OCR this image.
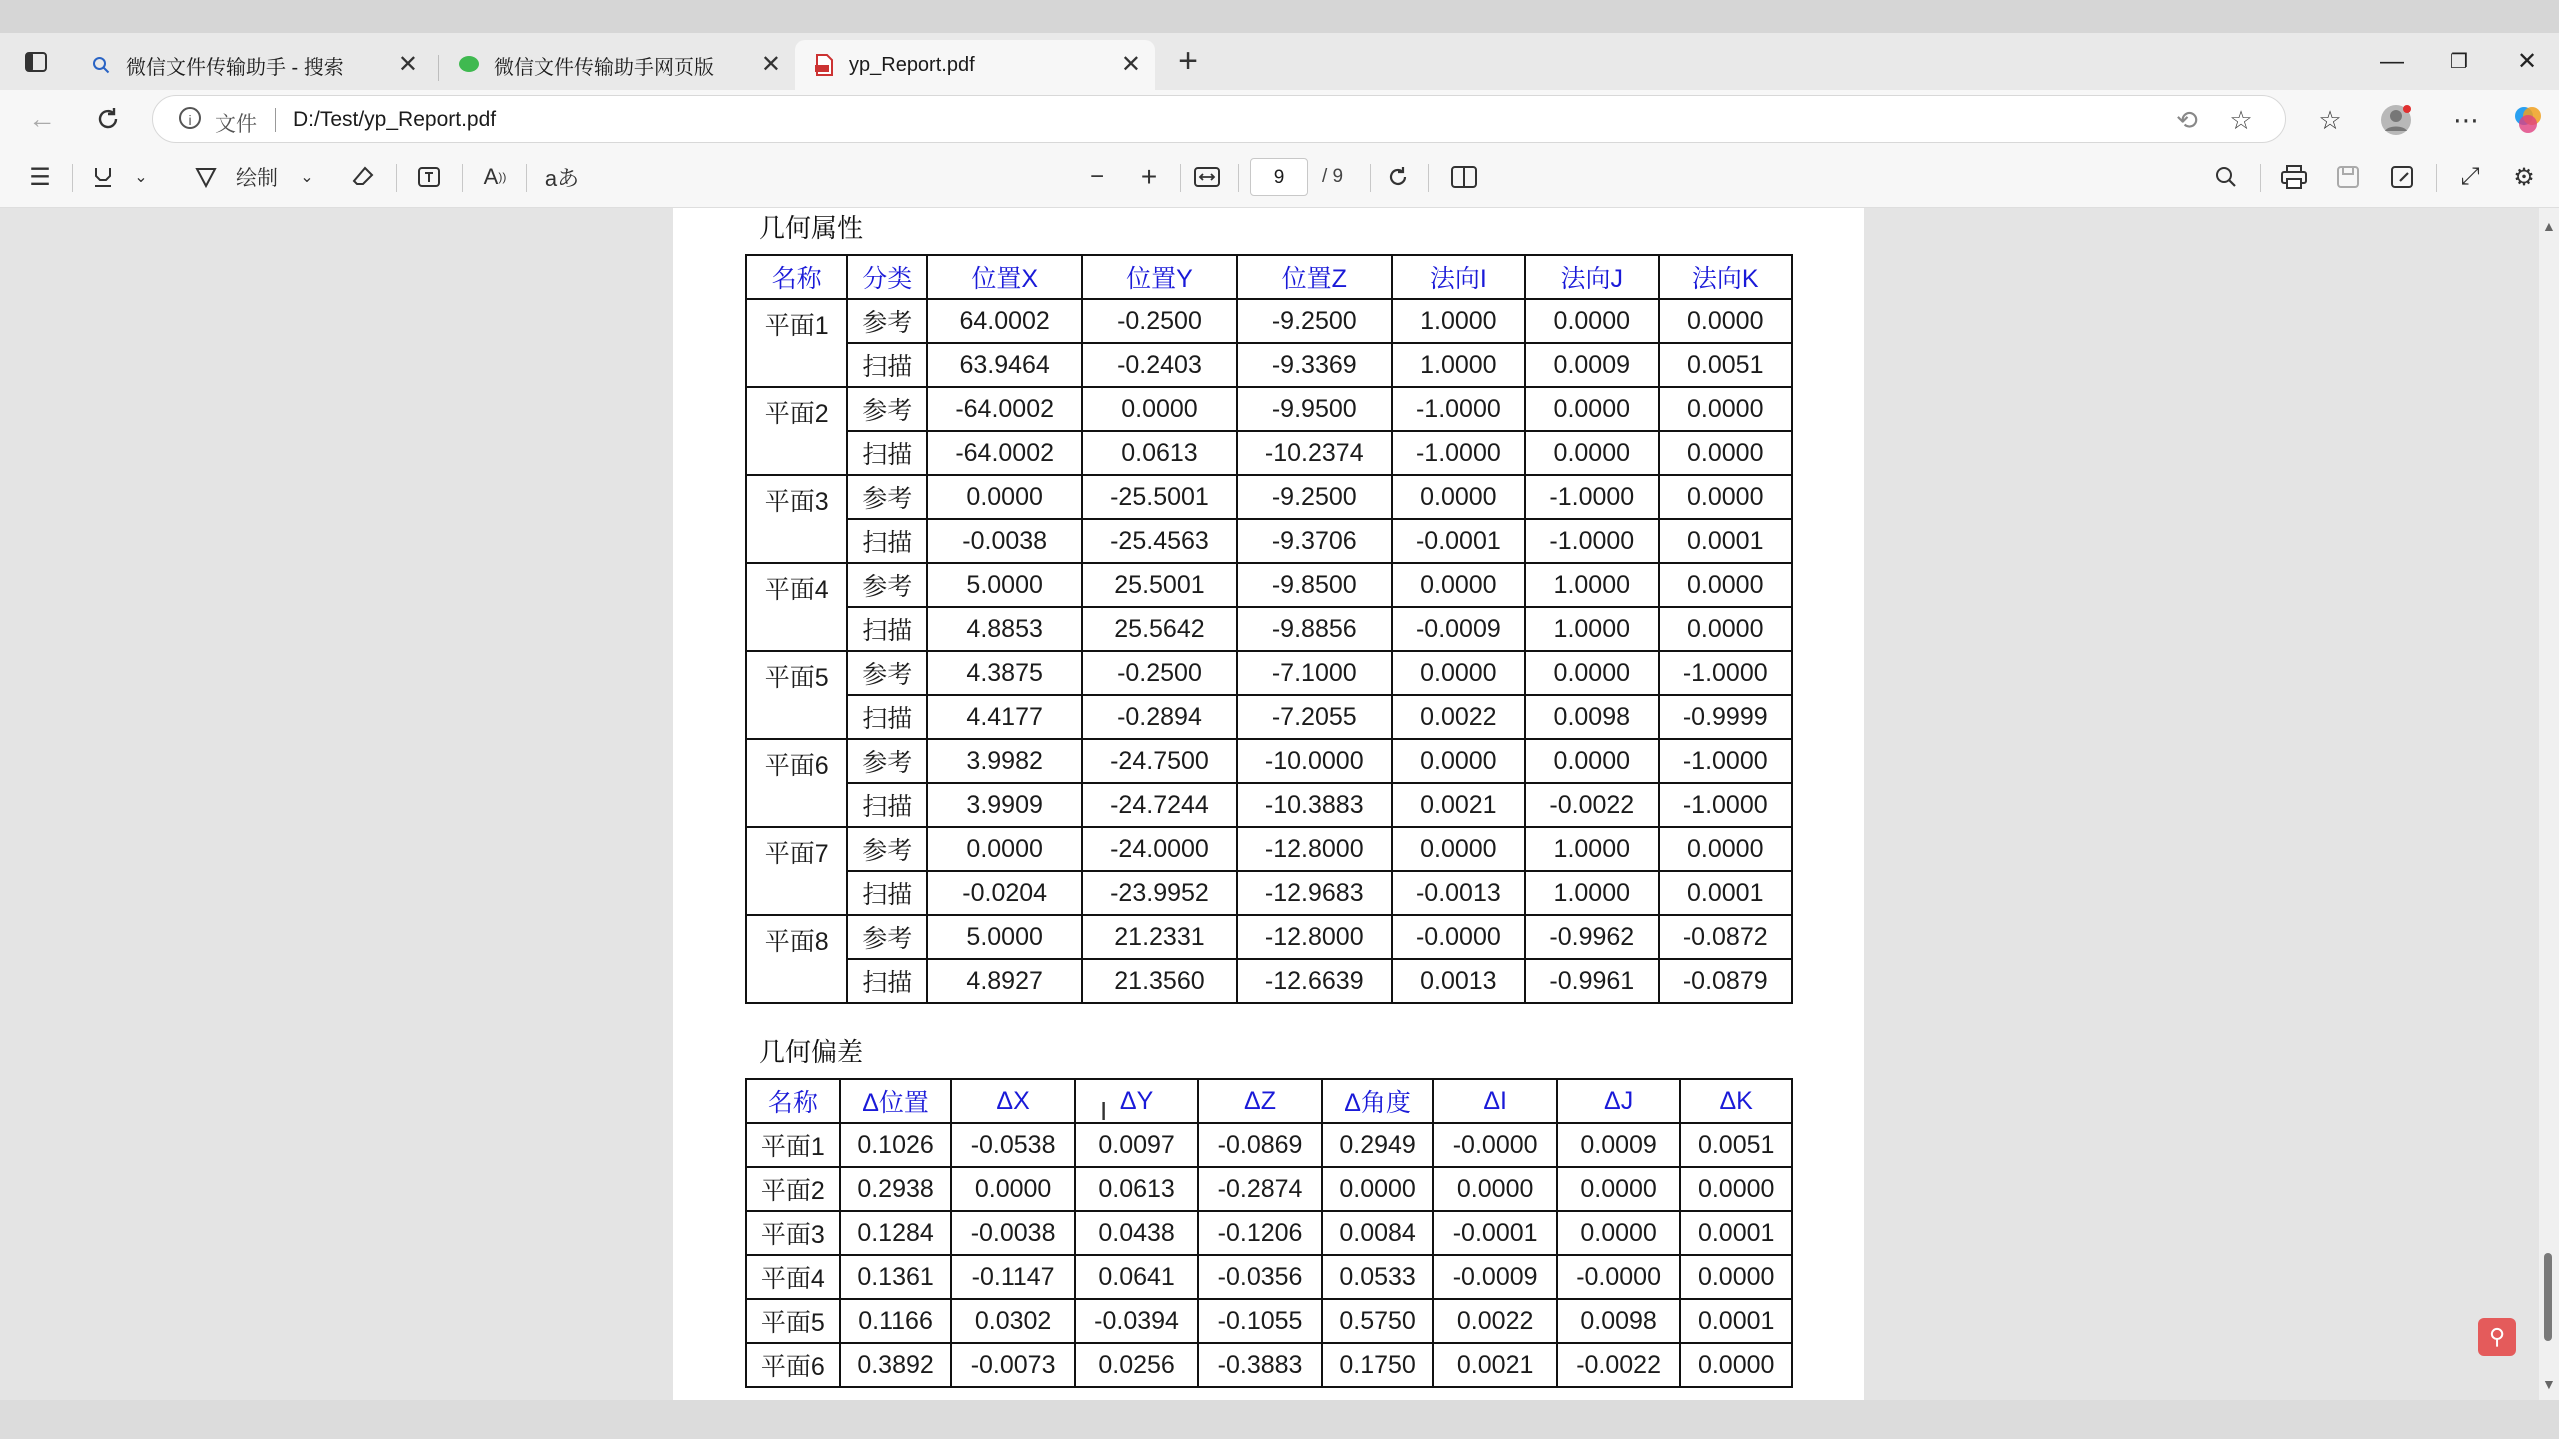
微信文件传输助手 - 搜索 ✕	微信文件传输助手网页版 ✕	yp_Report.pdf	✕ +	—	❐	✕
←	i	文件 D:/Test/yp_Report.pdf	⟲ ☆	☆	⋯
☰	⌄	绘制 ⌄	A )) aあ	−	+	9	/ 9	⤢	⚙
几何属性
名称	分类	位置X	位置Y	位置Z	法向I	法向J	法向K
平面1	参考	64.0002	-0.2500	-9.2500	1.0000	0.0000	0.0000
	扫描	63.9464	-0.2403	-9.3369	1.0000	0.0009	0.0051
平面2	参考	-64.0002	0.0000	-9.9500	-1.0000	0.0000	0.0000
	扫描	-64.0002	0.0613	-10.2374	-1.0000	0.0000	0.0000
平面3	参考	0.0000	-25.5001	-9.2500	0.0000	-1.0000	0.0000
	扫描	-0.0038	-25.4563	-9.3706	-0.0001	-1.0000	0.0001
平面4	参考	5.0000	25.5001	-9.8500	0.0000	1.0000	0.0000
	扫描	4.8853	25.5642	-9.8856	-0.0009	1.0000	0.0000
平面5	参考	4.3875	-0.2500	-7.1000	0.0000	0.0000	-1.0000
	扫描	4.4177	-0.2894	-7.2055	0.0022	0.0098	-0.9999
平面6	参考	3.9982	-24.7500	-10.0000	0.0000	0.0000	-1.0000
	扫描	3.9909	-24.7244	-10.3883	0.0021	-0.0022	-1.0000
平面7	参考	0.0000	-24.0000	-12.8000	0.0000	1.0000	0.0000
	扫描	-0.0204	-23.9952	-12.9683	-0.0013	1.0000	0.0001
平面8	参考	5.0000	21.2331	-12.8000	-0.0000	-0.9962	-0.0872
	扫描	4.8927	21.3560	-12.6639	0.0013	-0.9961	-0.0879
几何偏差
名称	Δ位置	ΔX	ΔY	ΔZ	Δ角度	ΔI	ΔJ	ΔK
平面1	0.1026	-0.0538	0.0097	-0.0869	0.2949	-0.0000	0.0009	0.0051
平面2	0.2938	0.0000	0.0613	-0.2874	0.0000	0.0000	0.0000	0.0000
平面3	0.1284	-0.0038	0.0438	-0.1206	0.0084	-0.0001	0.0000	0.0001
平面4	0.1361	-0.1147	0.0641	-0.0356	0.0533	-0.0009	-0.0000	0.0000
平面5	0.1166	0.0302	-0.0394	-0.1055	0.5750	0.0022	0.0098	0.0001
平面6	0.3892	-0.0073	0.0256	-0.3883	0.1750	0.0021	-0.0022	0.0000
I
▲
▼
⚲
